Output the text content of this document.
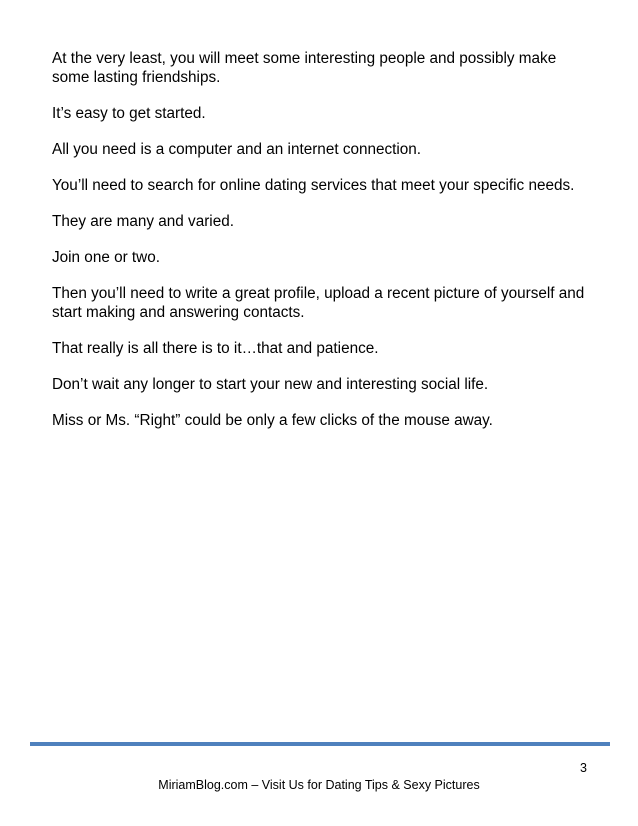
At the very least, you will meet some interesting people and possibly make some lasting friendships.

It’s easy to get started.

All you need is a computer and an internet connection.

You’ll need to search for online dating services that meet your specific needs.

They are many and varied.

Join one or two.

Then you’ll need to write a great profile, upload a recent picture of yourself and start making and answering contacts.

That really is all there is to it…that and patience.

Don’t wait any longer to start your new and interesting social life.

Miss or Ms. “Right” could be only a few clicks of the mouse away.

3
MiriamBlog.com – Visit Us for Dating Tips & Sexy Pictures
